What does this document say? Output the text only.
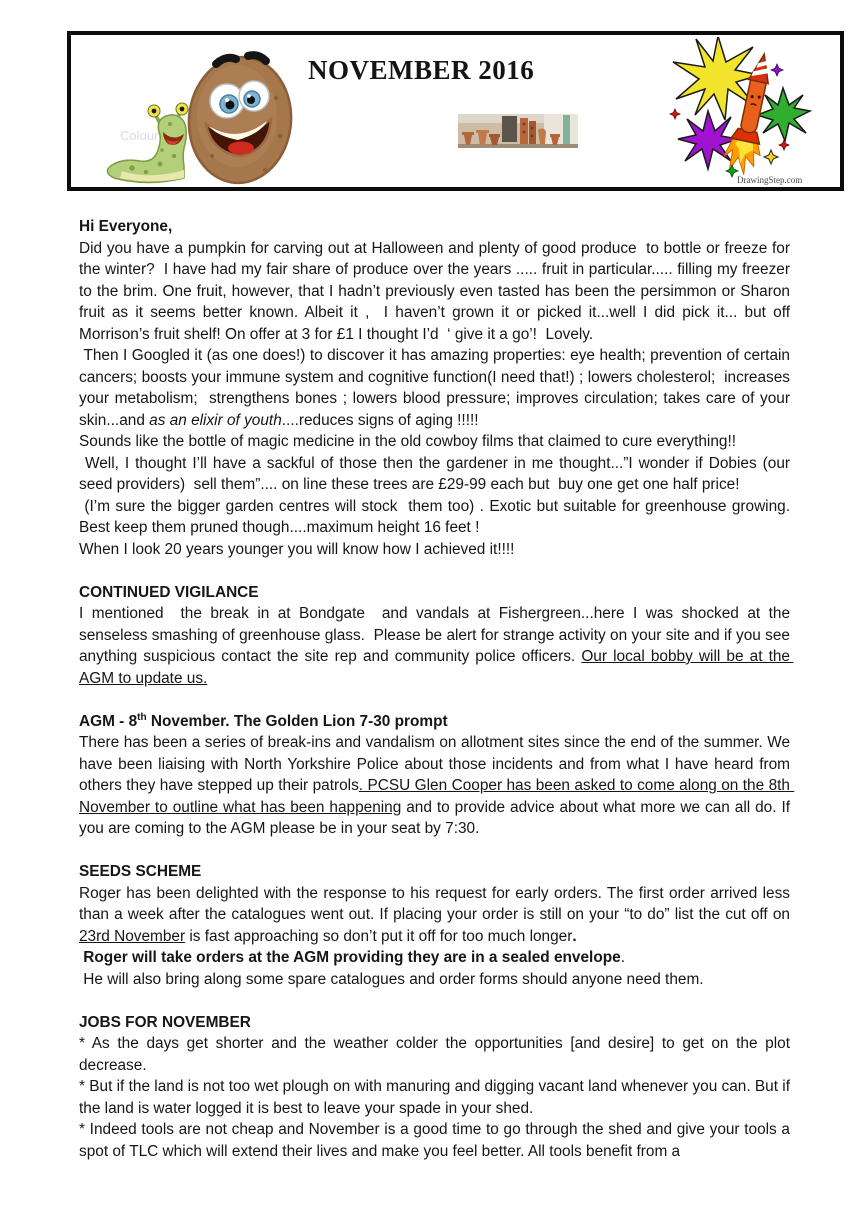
NOVEMBER 2016
Colour
DrawingStep.com

Hi Everyone,

Did you have a pumpkin for carving out at Halloween and plenty of good produce  to bottle or freeze for the winter?  I have had my fair share of produce over the years ..... fruit in particular..... filling my freezer to the brim. One fruit, however, that I hadn’t previously even tasted has been the persimmon or Sharon fruit as it seems better known. Albeit it ,  I haven’t grown it or picked it...well I did pick it... but off Morrison’s fruit shelf! On offer at 3 for £1 I thought I’d  ‘ give it a go’!  Lovely.

Then I Googled it (as one does!) to discover it has amazing properties: eye health; prevention of certain cancers; boosts your immune system and cognitive function(I need that!) ; lowers cholesterol;  increases your metabolism;  strengthens bones ; lowers blood pressure; improves circulation; takes care of your skin...and as an elixir of youth....reduces signs of aging !!!!!

Sounds like the bottle of magic medicine in the old cowboy films that claimed to cure everything!!

Well, I thought I’ll have a sackful of those then the gardener in me thought...”I wonder if Dobies (our seed providers)  sell them”.... on line these trees are £29-99 each but  buy one get one half price!

(I’m sure the bigger garden centres will stock  them too) . Exotic but suitable for greenhouse growing. Best keep them pruned though....maximum height 16 feet !

When I look 20 years younger you will know how I achieved it!!!!

CONTINUED VIGILANCE

I mentioned  the break in at Bondgate  and vandals at Fishergreen...here I was shocked at the senseless smashing of greenhouse glass.  Please be alert for strange activity on your site and if you see anything suspicious contact the site rep and community police officers. Our local bobby will be at the AGM to update us.

AGM - 8th November. The Golden Lion 7-30 prompt

There has been a series of break-ins and vandalism on allotment sites since the end of the summer. We have been liaising with North Yorkshire Police about those incidents and from what I have heard from others they have stepped up their patrols. PCSU Glen Cooper has been asked to come along on the 8th November to outline what has been happening and to provide advice about what more we can all do. If you are coming to the AGM please be in your seat by 7:30.

SEEDS SCHEME

Roger has been delighted with the response to his request for early orders. The first order arrived less than a week after the catalogues went out. If placing your order is still on your “to do” list the cut off on 23rd November is fast approaching so don’t put it off for too much longer.

Roger will take orders at the AGM providing they are in a sealed envelope.

He will also bring along some spare catalogues and order forms should anyone need them.

JOBS FOR NOVEMBER

* As the days get shorter and the weather colder the opportunities [and desire] to get on the plot decrease.

* But if the land is not too wet plough on with manuring and digging vacant land whenever you can. But if the land is water logged it is best to leave your spade in your shed.

* Indeed tools are not cheap and November is a good time to go through the shed and give your tools a spot of TLC which will extend their lives and make you feel better. All tools benefit from a
